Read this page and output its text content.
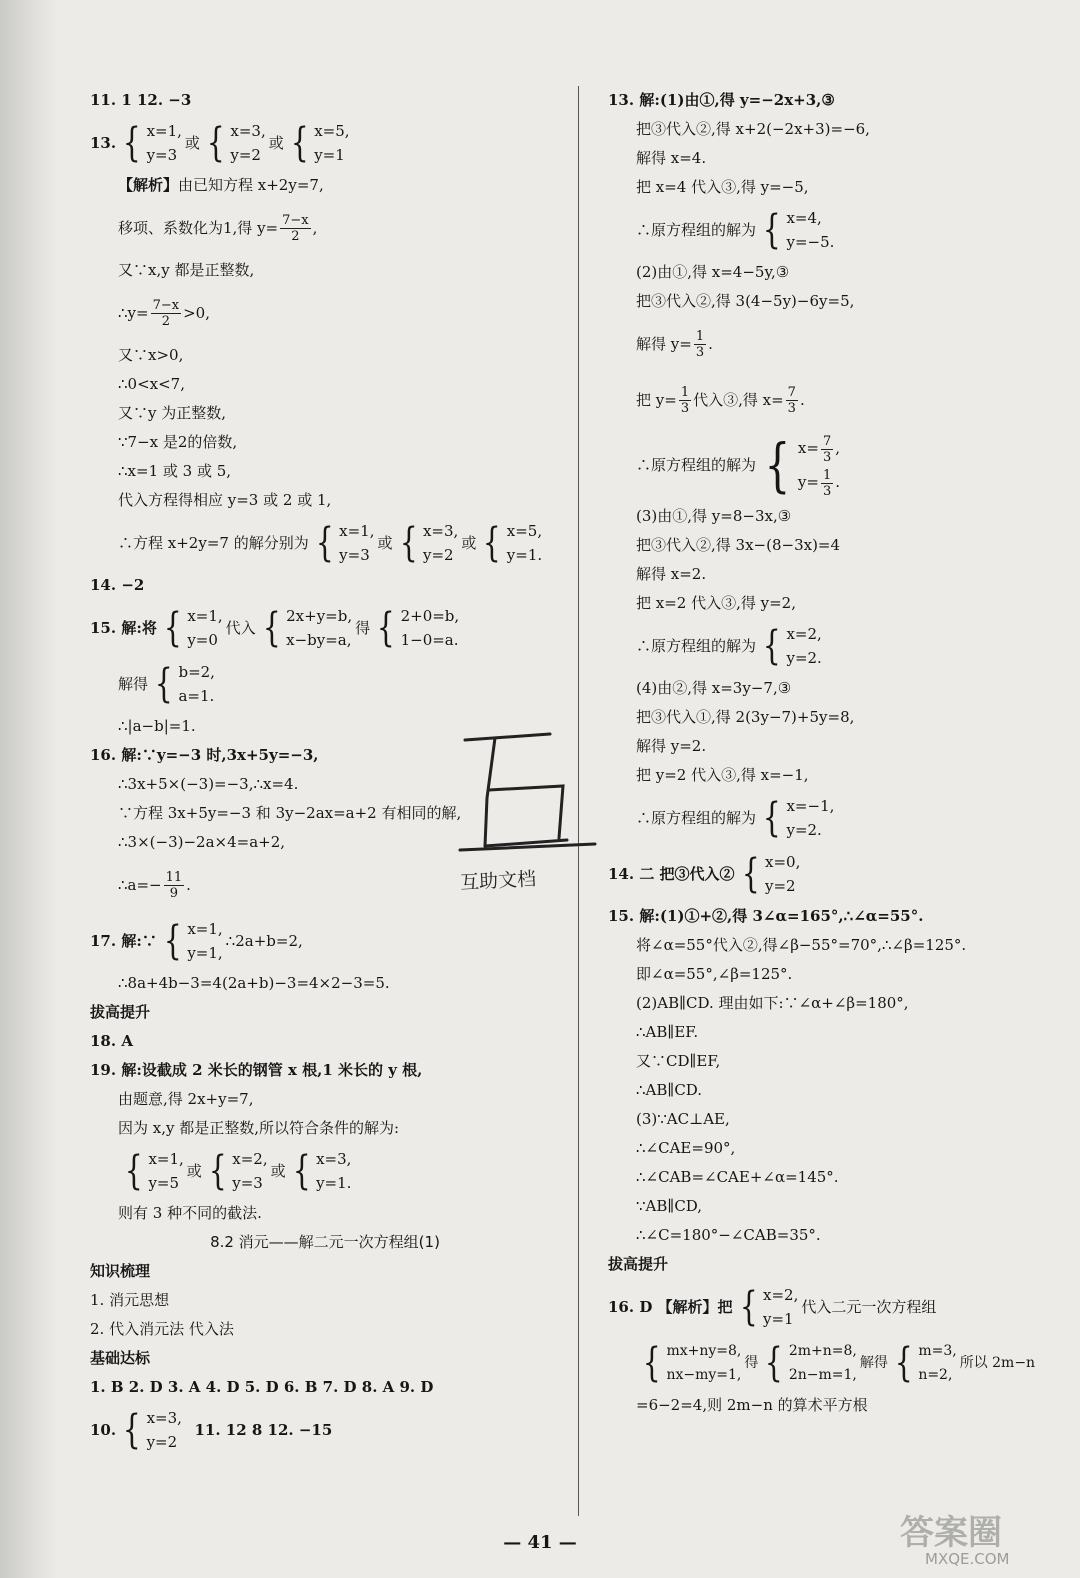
11. 1 12. −3
13. { x=1,
y=3
或 { x=3,
y=2
或 { x=5,
y=1
【解析】由已知方程 x+2y=7,
移项、系数化为1,得 $y= \frac{7-x}{2}$ ,
又∵x,y 都是正整数,
∴y= $\frac{7-x}{2} >0$,
又∵x>0,
∴0<x<7,
又∵y 为正整数,
∵7−x 是2的倍数,
∴x=1 或 3 或 5,
代入方程得相应 y=3 或 2 或 1,
∴方程 x+2y=7 的解分别为 { x=1,
y=3
或 { x=3,
y=2
或 { x=5,
y=1.
14. −2
15. 解:将 { x=1,
y=0
代入 { 2x+y=b,
x−by=a,
得 { 2+0=b,
1−0=a.
解得 { b=2,
a=1.
∴|a−b|=1.
16. 解:∵y=−3 时,3x+5y=−3,
∴3x+5×(−3)=−3,∴x=4.
∵方程 3x+5y=−3 和 3y−2ax=a+2 有相同的解,
∴3×(−3)−2a×4=a+2,
∴a=− $\frac{11}{9}$ .
17. 解:∵ { x=1,
y=1,
∴2a+b=2,
∴8a+4b−3=4(2a+b)−3=4×2−3=5.
拔高提升
18. A
19. 解:设截成 2 米长的钢管 x 根,1 米长的 y 根,
由题意,得 2x+y=7,
因为 x,y 都是正整数,所以符合条件的解为:
{ x=1,
y=5
或 { x=2,
y=3
或 { x=3,
y=1.
则有 3 种不同的截法.
8.2 消元——解二元一次方程组(1)
知识梳理
1. 消元思想
2. 代入消元法 代入法
基础达标
1. B 2. D 3. A 4. D 5. D 6. B 7. D 8. A 9. D
10. { x=3,
y=2

11. 12 8 12. −15
13. 解:(1)由①,得 y=−2x+3,③
把③代入②,得 x+2(−2x+3)=−6,
解得 x=4.
把 x=4 代入③,得 y=−5,
∴原方程组的解为 { x=4,
y=−5.
(2)由①,得 x=4−5y,③
把③代入②,得 3(4−5y)−6y=5,
解得 $y= \frac{1}{3}$ .
把 $y= \frac{1}{3}$ 代入③,得 $x= \frac{7}{3}$ .
∴原方程组的解为 { $x= \frac{7}{3}$ ,
$y= \frac{1}{3}$ .
(3)由①,得 y=8−3x,③
把③代入②,得 3x−(8−3x)=4
解得 x=2.
把 x=2 代入③,得 y=2,
∴原方程组的解为 { x=2,
y=2.
(4)由②,得 x=3y−7,③
把③代入①,得 2(3y−7)+5y=8,
解得 y=2.
把 y=2 代入③,得 x=−1,
∴原方程组的解为 { x=−1,
y=2.
14. 二 把③代入② { x=0,
y=2
15. 解:(1)①+②,得 3∠α=165°,∴∠α=55°.
将∠α=55°代入②,得∠β−55°=70°,∴∠β=125°.
即∠α=55°,∠β=125°.
(2)AB∥CD. 理由如下:∵∠α+∠β=180°,
∴AB∥EF.
又∵CD∥EF,
∴AB∥CD.
(3)∵AC⊥AE,
∴∠CAE=90°,
∴∠CAB=∠CAE+∠α=145°.
∵AB∥CD,
∴∠C=180°−∠CAB=35°.
拔高提升
16. D 【解析】把 { x=2,
y=1
代入二元一次方程组
{ mx+ny=8,
nx−my=1,
得 { 2m+n=8,
2n−m=1,
解得 { m=3,
n=2,
所以 2m−n
=6−2=4,则 2m−n 的算术平方根
互助文档
— 41 —	答案圈
MXQE.COM
